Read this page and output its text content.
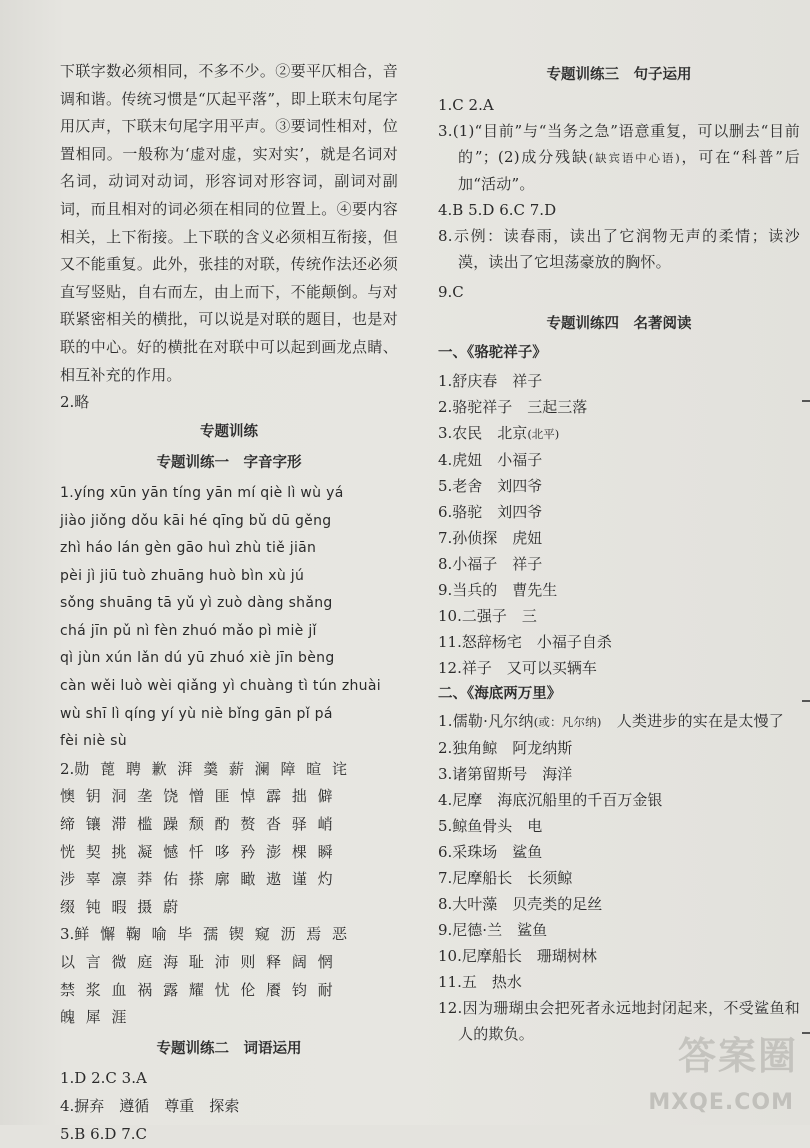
下联字数必须相同，不多不少。②要平仄相合，音调和谐。传统习惯是“仄起平落”，即上联末句尾字用仄声，下联末句尾字用平声。③要词性相对，位置相同。一般称为‘虚对虚，实对实’，就是名词对名词，动词对动词，形容词对形容词，副词对副词，而且相对的词必须在相同的位置上。④要内容相关，上下衔接。上下联的含义必须相互衔接，但又不能重复。此外，张挂的对联，传统作法还必须直写竖贴，自右而左，由上而下，不能颠倒。与对联紧密相关的横批，可以说是对联的题目，也是对联的中心。好的横批在对联中可以起到画龙点睛、相互补充的作用。

2.略

专题训练
专题训练一　字音字形

1.yíng xūn yān tíng yān mí qiè lì wù yá

jiào jiǒng dǒu kāi hé qīng bǔ dū gěng

zhì háo lán gèn gāo huì zhù tiě jiān

pèi jì jiū tuò zhuāng huò bìn xù jú

sǒng shuāng tā yǔ yì zuò dàng shǎng

chá jīn pǔ nì fèn zhuó mǎo pì miè jǐ

qì jùn xún lǎn dú yū zhuó xiè jīn bèng

càn wěi luò wèi qiǎng yì chuàng tì tún zhuài

wù shī lì qíng yí yù niè bǐng gān pǐ pá

fèi niè sù

2.勋 蓖 聘 歉 湃 羹 薪 澜 障 暄 诧

懊 钥 洞 垄 饶 憎 匪 悼 霹 拙 僻

缔 镶 滞 槛 躁 颓 酌 赘 沓 驿 峭

恍 契 挑 凝 憾 忏 哆 矜 澎 棵 瞬

涉 辜 凛 莽 佑 搽 廓 瞰 遨 谨 灼

缀 钝 暇 摄 蔚

3.鲜 懈 鞠 喻 毕 孺 锲 窥 沥 焉 恶

以 言 微 庭 海 耻 沛 则 释 阔 惘

禁 浆 血 祸 露 耀 忧 伦 餍 钧 耐

魄 犀 涯

专题训练二　词语运用

1.D 2.C 3.A

4.摒弃　遵循　尊重　探索

5.B 6.D 7.C

专题训练三　句子运用

1.C 2.A

3.(1)“目前”与“当务之急”语意重复，可以删去“目前的”；(2)成分残缺(缺宾语中心语)，可在“科普”后加“活动”。

4.B 5.D 6.C 7.D

8.示例：读春雨，读出了它润物无声的柔情；读沙漠，读出了它坦荡豪放的胸怀。

9.C

专题训练四　名著阅读

一、《骆驼祥子》

1.舒庆春　祥子

2.骆驼祥子　三起三落

3.农民　北京(北平)

4.虎妞　小福子

5.老舍　刘四爷

6.骆驼　刘四爷

7.孙侦探　虎妞

8.小福子　祥子

9.当兵的　曹先生

10.二强子　三

11.怒辞杨宅　小福子自杀

12.祥子　又可以买辆车

二、《海底两万里》

1.儒勒·凡尔纳(或：凡尔纳)　人类进步的实在是太慢了

2.独角鲸　阿龙纳斯

3.诸第留斯号　海洋

4.尼摩　海底沉船里的千百万金银

5.鲸鱼骨头　电

6.采珠场　鲨鱼

7.尼摩船长　长须鲸

8.大叶藻　贝壳类的足丝

9.尼德·兰　鲨鱼

10.尼摩船长　珊瑚树林

11.五　热水

12.因为珊瑚虫会把死者永远地封闭起来，不受鲨鱼和人的欺负。	答案圈
MXQE.COM
